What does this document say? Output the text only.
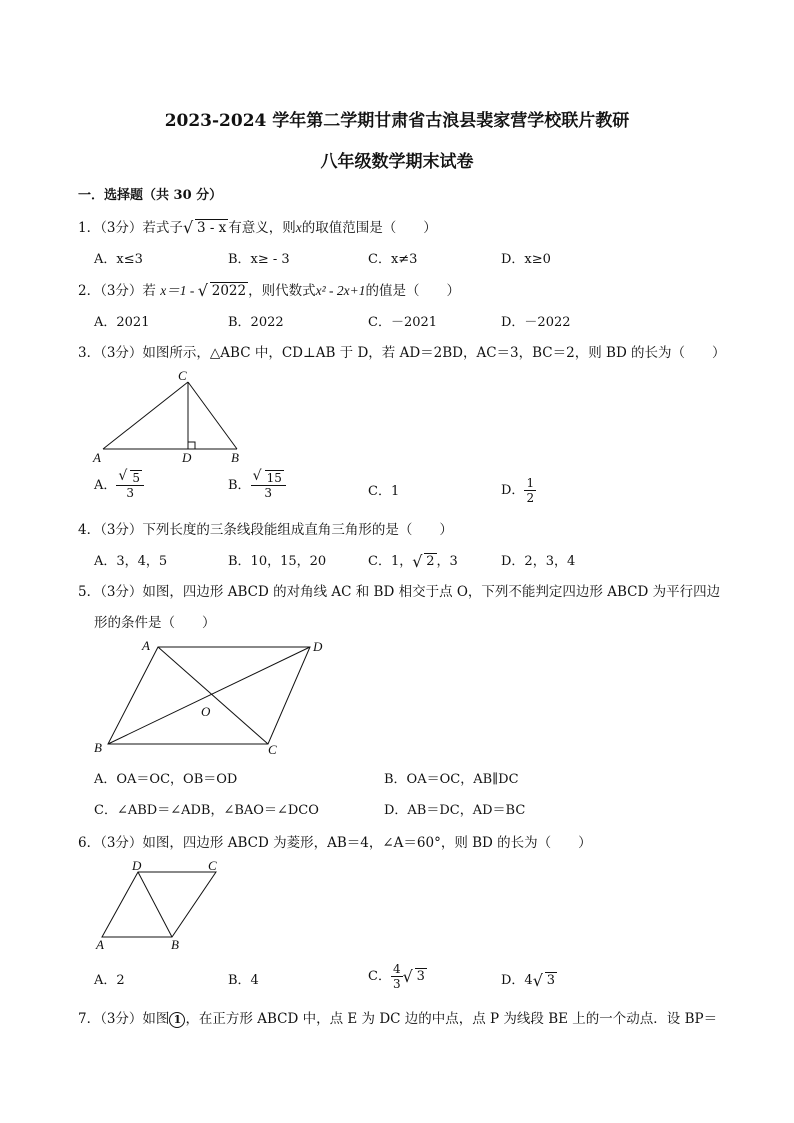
2023-2024 学年第二学期甘肃省古浪县裴家营学校联片教研
八年级数学期末试卷
一．选择题（共 30 分）
1．（3分）若式子 √ 3 - x 有意义，则x的取值范围是（　　）
A．x≤3	B．x≥ - 3	C．x≠3	D．x≥0
2．（3分）若 x＝1 - √ 2022 ，则代数式x² - 2x+1的值是（　　）
A．2021	B．2022	C．－2021	D．－2022
3．（3分）如图所示，△ABC 中，CD⊥AB 于 D，若 AD＝2BD，AC＝3，BC＝2，则 BD 的长为（　　）
A	B
C
D
A． $\frac{√ 5}{3}$	B． $\frac{√ 15}{3}$	C．1	D． $\frac{1}{2}$
4．（3分）下列长度的三条线段能组成直角三角形的是（　　）
A．3，4，5	B．10，15，20	C．1， √ 2 ，3	D．2，3，4
5．（3分）如图，四边形 ABCD 的对角线 AC 和 BD 相交于点 O，下列不能判定四边形 ABCD 为平行四边
形的条件是（　　）
A
B	C
D
O
A．OA＝OC，OB＝OD	B．OA＝OC，AB∥DC
C．∠ABD＝∠ADB，∠BAO＝∠DCO	D．AB＝DC，AD＝BC
6．（3分）如图，四边形 ABCD 为菱形，AB＝4，∠A＝60°，则 BD 的长为（　　）
A	B
C
D
A．2	B．4	C． $\frac{4}{3}$ √ 3	D．4 √ 3
7．（3分）如图 1 ，在正方形 ABCD 中，点 E 为 DC 边的中点，点 P 为线段 BE 上的一个动点．设 BP＝
